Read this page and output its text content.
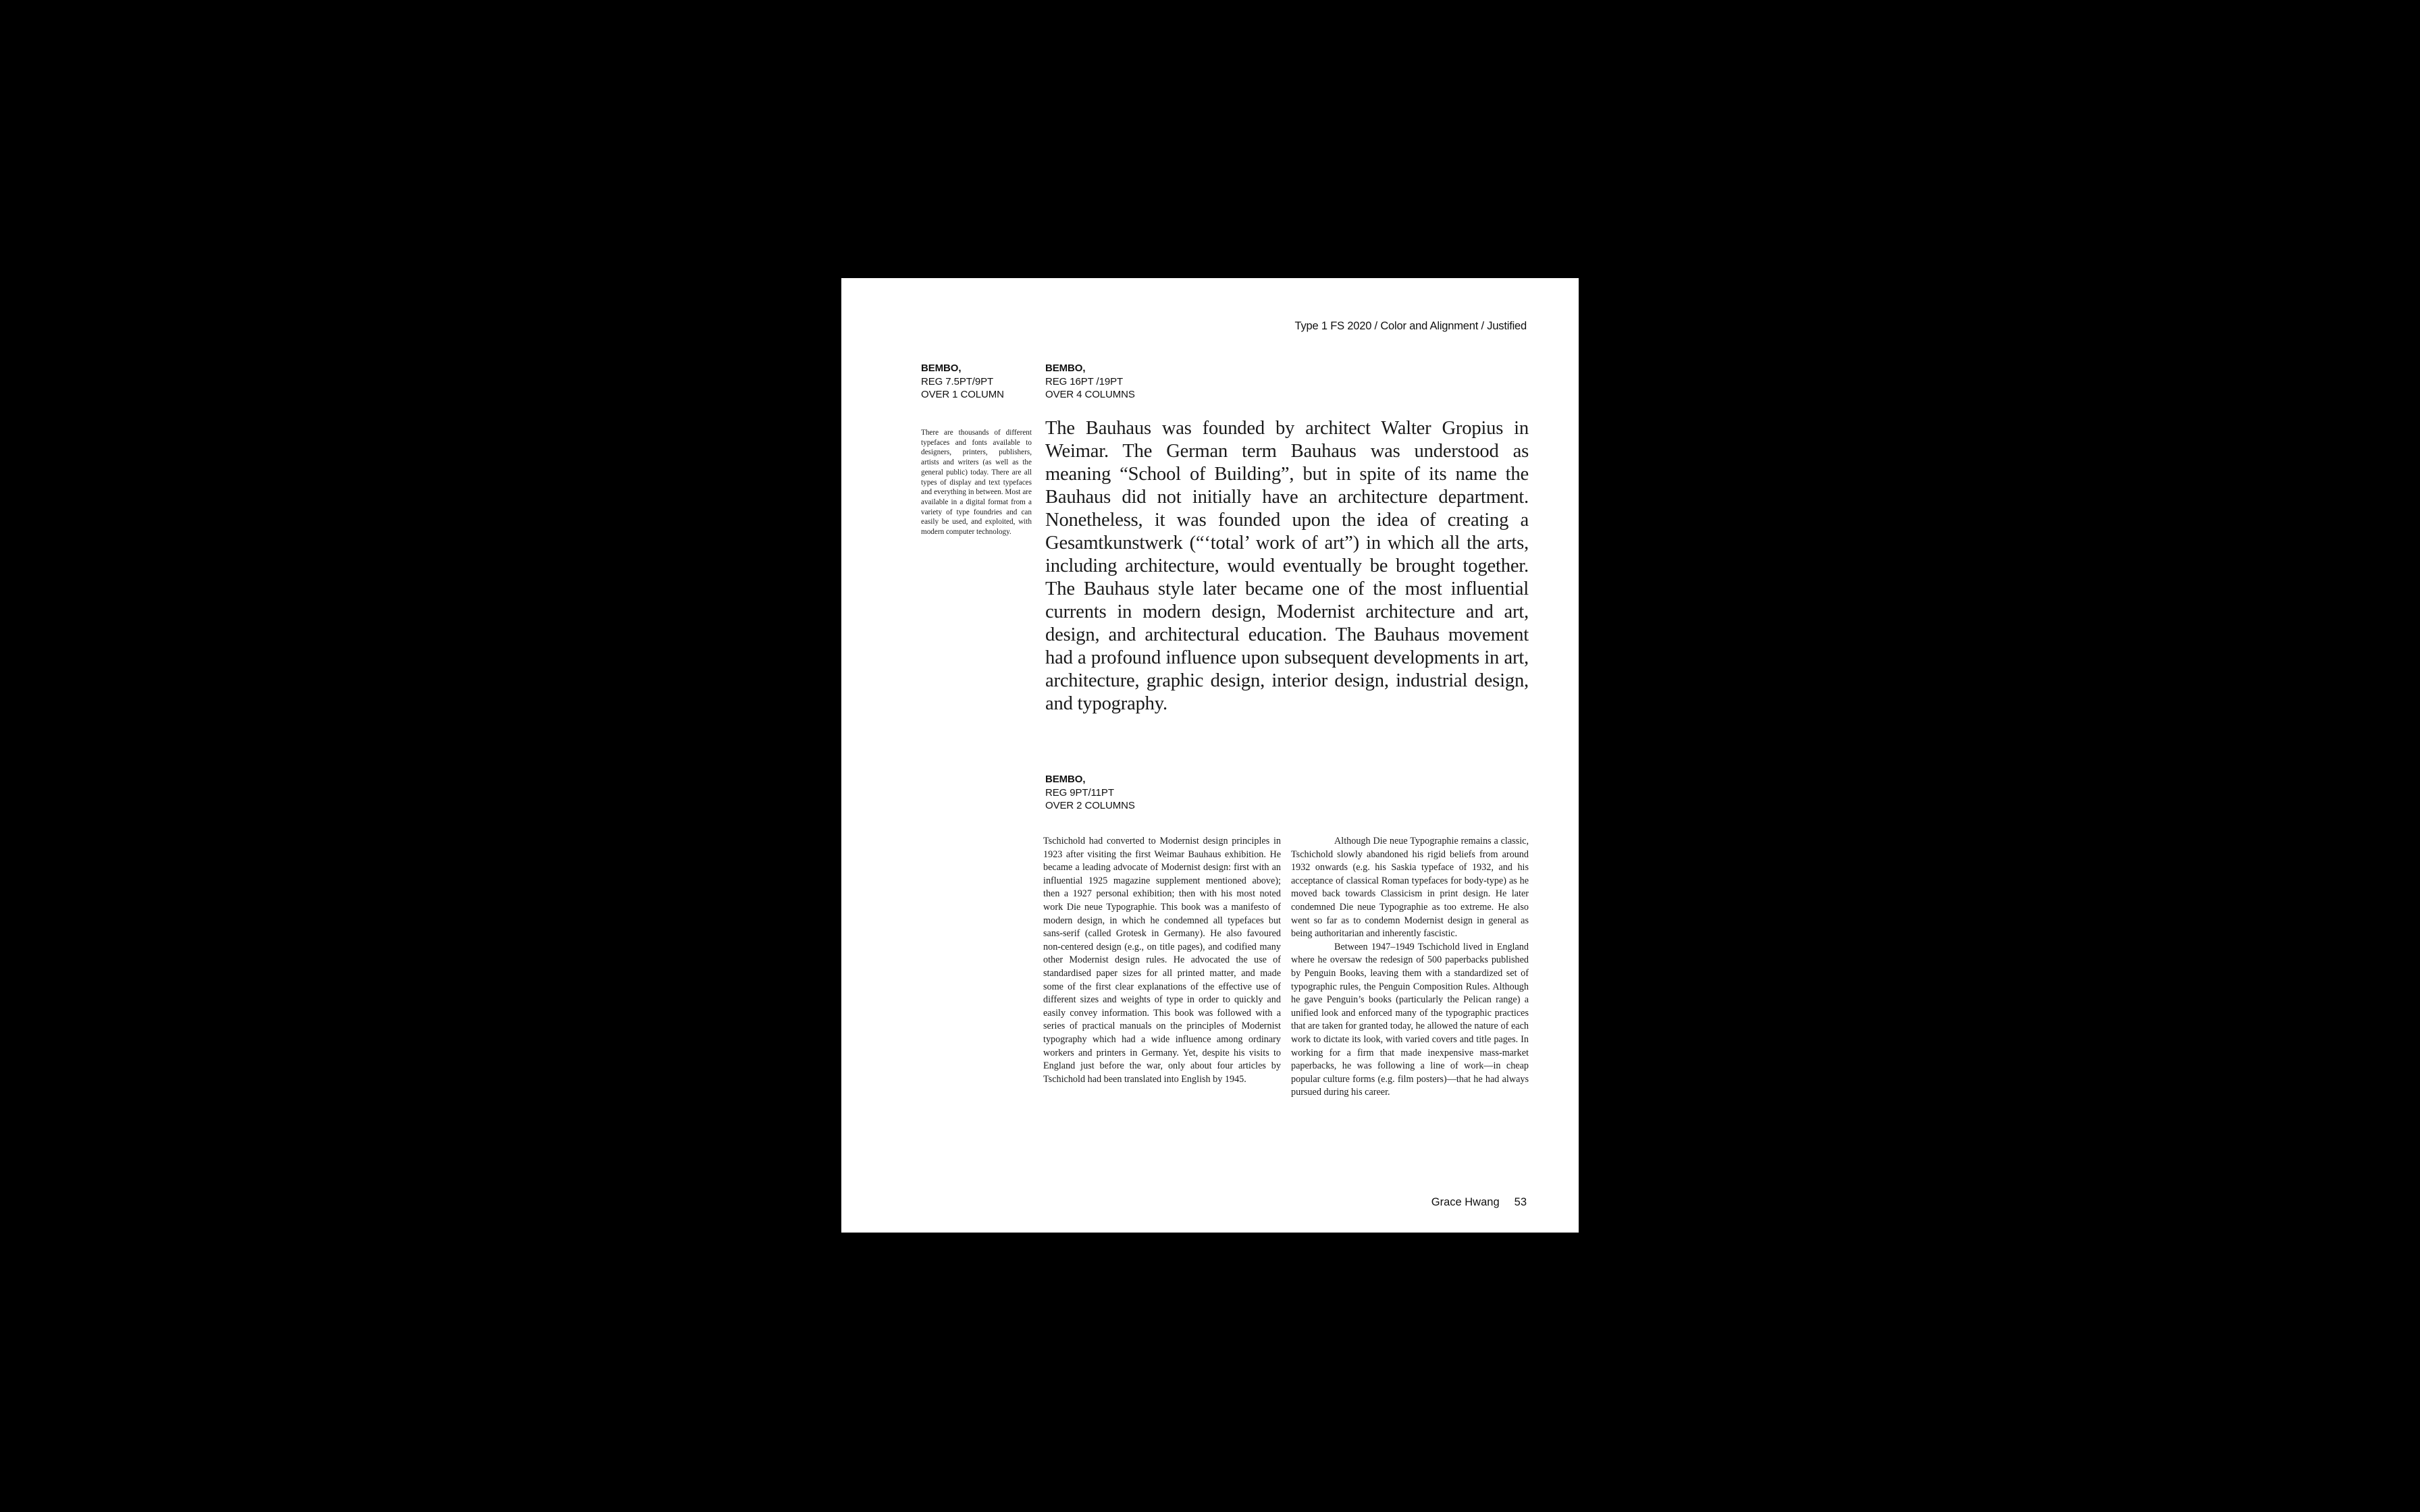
Type 1 FS 2020 / Color and Alignment / Justified
BEMBO,
REG 7.5PT/9PT
OVER 1 COLUMN
BEMBO,
REG 16PT /19PT
OVER 4 COLUMNS
There are thousands of different typefaces and fonts available to designers, printers, publishers, artists and writers (as well as the general public) today. There are all types of display and text typefaces and everything in between. Most are available in a digital format from a variety of type foundries and can easily be used, and exploited, with modern computer technology.
The Bauhaus was founded by architect Walter Gropius in Weimar. The German term Bauhaus was understood as meaning “School of Building”, but in spite of its name the Bauhaus did not initially have an architecture department. Nonetheless, it was founded upon the idea of creating a Gesamtkunstwerk (“‘total’ work of art”) in which all the arts, including architecture, would eventually be brought together. The Bauhaus style later became one of the most influential currents in modern design, Modernist architecture and art, design, and architectural education. The Bauhaus movement had a profound influence upon subsequent developments in art, architecture, graphic design, interior design, industrial design, and typography.
BEMBO,
REG 9PT/11PT
OVER 2 COLUMNS

Tschichold had converted to Modernist design principles in 1923 after visiting the first Weimar Bauhaus exhibition. He became a leading advocate of Modernist design: first with an influential 1925 magazine supplement mentioned above); then a 1927 personal exhibition; then with his most noted work Die neue Typographie. This book was a manifesto of modern design, in which he condemned all typefaces but sans-serif (called Grotesk in Germany). He also favoured non-centered design (e.g., on title pages), and codified many other Modernist design rules. He advocated the use of standardised paper sizes for all printed matter, and made some of the first clear explanations of the effective use of different sizes and weights of type in order to quickly and easily convey information. This book was followed with a series of practical manuals on the principles of Modernist typography which had a wide influence among ordinary workers and printers in Germany. Yet, despite his visits to England just before the war, only about four articles by Tschichold had been translated into English by 1945.

Although Die neue Typographie remains a classic, Tschichold slowly abandoned his rigid beliefs from around 1932 onwards (e.g. his Saskia typeface of 1932, and his acceptance of classical Roman typefaces for body-type) as he moved back towards Classicism in print design. He later condemned Die neue Typographie as too extreme. He also went so far as to condemn Modernist design in general as being authoritarian and inherently fascistic.

Between 1947–1949 Tschichold lived in England where he oversaw the redesign of 500 paperbacks published by Penguin Books, leaving them with a standardized set of typographic rules, the Penguin Composition Rules. Although he gave Penguin’s books (particularly the Pelican range) a unified look and enforced many of the typographic practices that are taken for granted today, he allowed the nature of each work to dictate its look, with varied covers and title pages. In working for a firm that made inexpensive mass-market paperbacks, he was following a line of work—in cheap popular culture forms (e.g. film posters)—that he had always pursued during his career.

Grace Hwang 53
